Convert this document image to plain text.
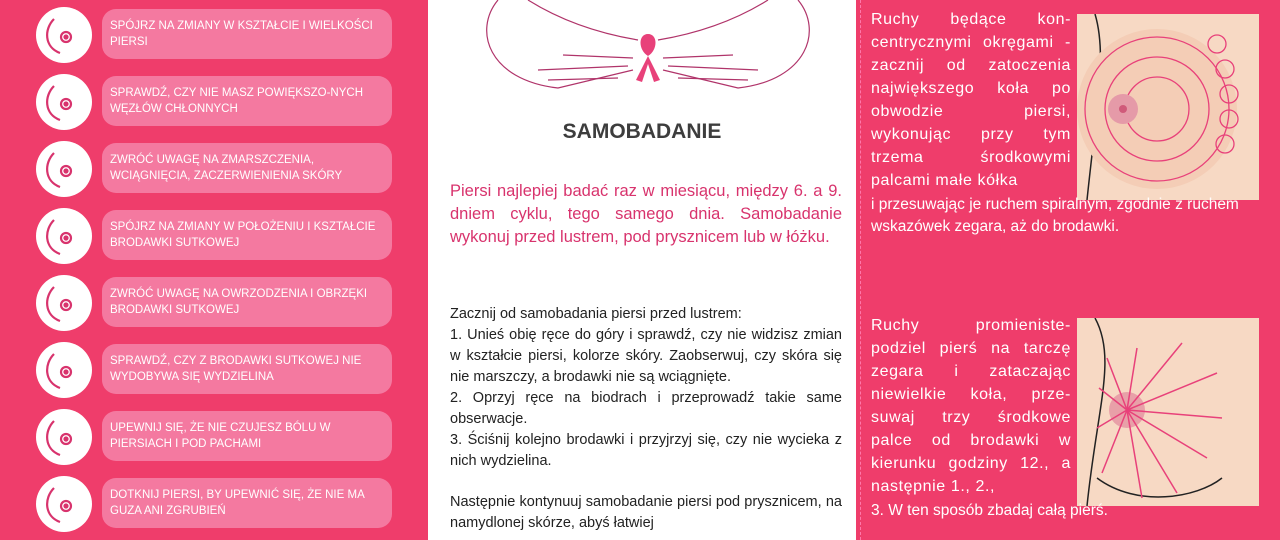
SPÓJRZ NA ZMIANY W KSZTAŁCIE I WIELKOŚCI PIERSI
SPRAWDŹ, CZY NIE MASZ POWIĘKSZO-NYCH WĘZŁÓW CHŁONNYCH
ZWRÓĆ UWAGĘ NA ZMARSZCZENIA, WCIĄGNIĘCIA, ZACZERWIENIENIA SKÓRY
SPÓJRZ NA ZMIANY W POŁOŻENIU I KSZTAŁCIE BRODAWKI SUTKOWEJ
ZWRÓĆ UWAGĘ NA OWRZODZENIA I OBRZĘKI BRODAWKI SUTKOWEJ
SPRAWDŹ, CZY Z BRODAWKI SUTKOWEJ NIE WYDOBYWA SIĘ WYDZIELINA
UPEWNIJ SIĘ, ŻE NIE CZUJESZ BÓLU W PIERSIACH I POD PACHAMI
DOTKNIJ PIERSI, BY UPEWNIĆ SIĘ, ŻE NIE MA GUZA ANI ZGRUBIEŃ
SAMOBADANIE
Piersi najlepiej badać raz w miesiącu, między 6. a 9. dniem cyklu, tego samego dnia. Samobadanie wykonuj przed lustrem, pod prysznicem lub w łóżku.

Zacznij od samobadania piersi przed lustrem:

1. Unieś obię ręce do góry i sprawdź, czy nie widzisz zmian w kształcie piersi, kolorze skóry. Zaobserwuj, czy skóra się nie marszczy, a brodawki nie są wciągnięte.

2. Oprzyj ręce na biodrach i przeprowadź takie same obserwacje.

3. Ściśnij kolejno brodawki i przyjrzyj się, czy nie wycieka z nich wydzielina.

Następnie kontynuuj samobadanie piersi pod prysznicem, na namydlonej skórze, abyś łatwiej

Ruchy będące kon-centrycznymi okręgami - zacznij od zatoczenia największego koła po obwodzie piersi, wykonując przy tym trzema środkowymi palcami małe kółka
i przesuwając je ruchem spiralnym, zgodnie z ruchem wskazówek zegara, aż do brodawki.
Ruchy promieniste- podziel pierś na tarczę zegara i zataczając niewielkie koła, prze-suwaj trzy środkowe palce od brodawki w kierunku godziny 12., a następnie 1., 2.,
3. W ten sposób zbadaj całą pierś.
